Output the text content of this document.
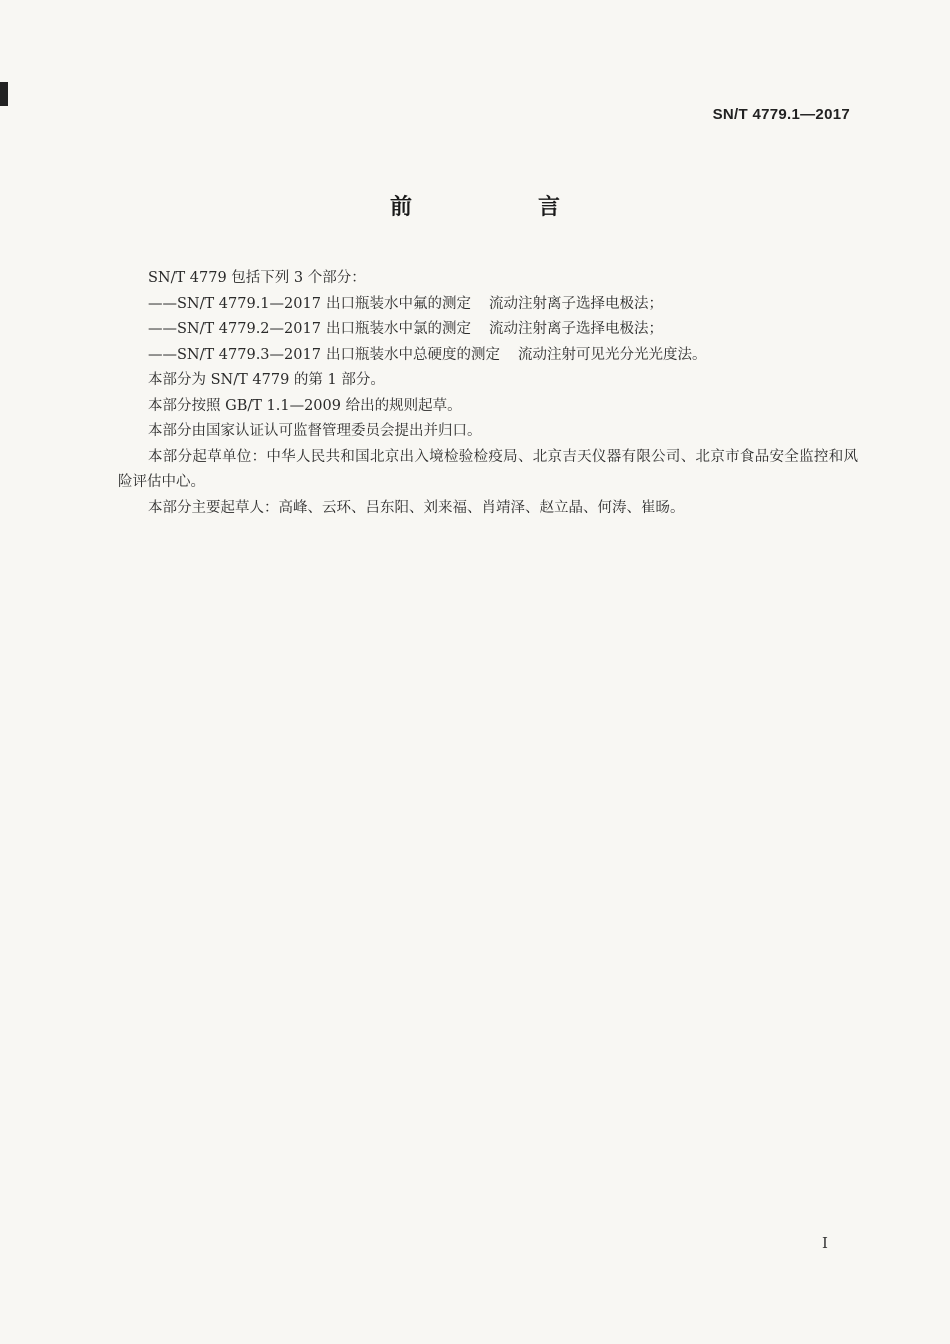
SN/T 4779.1—2017
前　言

SN/T 4779 包括下列 3 个部分：

——SN/T 4779.1—2017 出口瓶装水中氟的测定 流动注射离子选择电极法；

——SN/T 4779.2—2017 出口瓶装水中氯的测定 流动注射离子选择电极法；

——SN/T 4779.3—2017 出口瓶装水中总硬度的测定 流动注射可见光分光光度法。

本部分为 SN/T 4779 的第 1 部分。

本部分按照 GB/T 1.1—2009 给出的规则起草。

本部分由国家认证认可监督管理委员会提出并归口。

本部分起草单位：中华人民共和国北京出入境检验检疫局、北京吉天仪器有限公司、北京市食品安全监控和风险评估中心。

本部分主要起草人：高峰、云环、吕东阳、刘来福、肖靖泽、赵立晶、何涛、崔旸。

I
